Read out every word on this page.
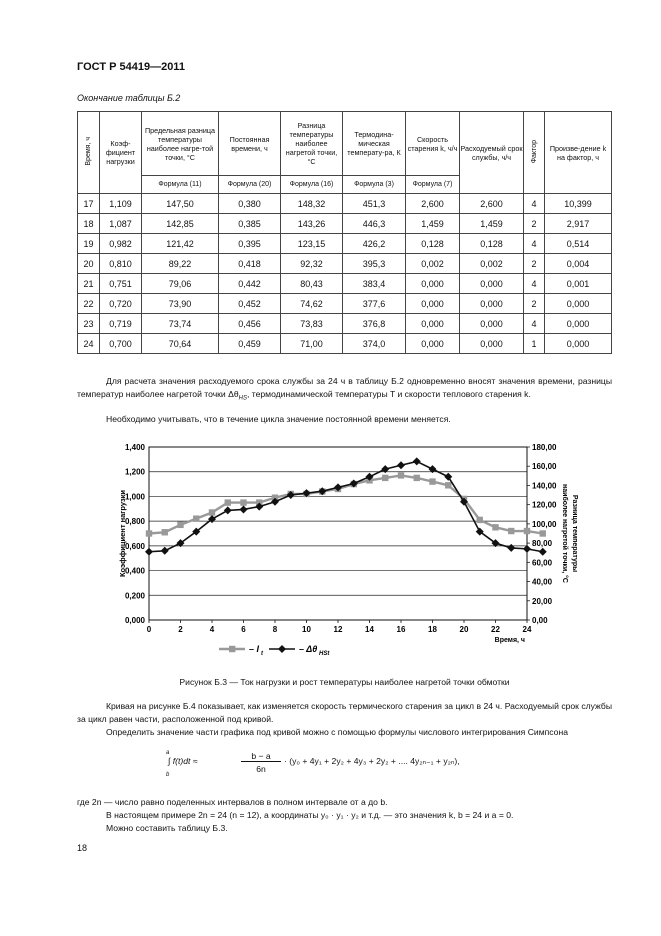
ГОСТ Р 54419—2011
Окончание таблицы Б.2
Время, ч	Коэф-фициент нагрузки	Предельная разница температуры наиболее нагре-той точки, °С	Постоянная времени, ч	Разница температуры наиболее нагретой точки, °С	Термодина-мическая температу-ра, К	Скорость старения k, ч/ч	Расходуемый срок службы, ч/ч	Фактор	Произве-дение k на фактор, ч
		Формула (11)	Формула (20)	Формула (16)	Формула (3)	Формула (7)			
17	1,109	147,50	0,380	148,32	451,3	2,600	2,600	4	10,399
18	1,087	142,85	0,385	143,26	446,3	1,459	1,459	2	2,917
19	0,982	121,42	0,395	123,15	426,2	0,128	0,128	4	0,514
20	0,810	89,22	0,418	92,32	395,3	0,002	0,002	2	0,004
21	0,751	79,06	0,442	80,43	383,4	0,000	0,000	4	0,001
22	0,720	73,90	0,452	74,62	377,6	0,000	0,000	2	0,000
23	0,719	73,74	0,456	73,83	376,8	0,000	0,000	4	0,000
24	0,700	70,64	0,459	71,00	374,0	0,000	0,000	1	0,000
Для расчета значения расходуемого срока службы за 24 ч в таблицу Б.2 одновременно вносят значения времени, разницы температур наиболее нагретой точки $\Delta\theta_{HS}$, термодинамической температуры T и скорости теплового старения k.
Необходимо учитывать, что в течение цикла значение постоянной времени меняется.
0,000
0,200
0,400
0,600
0,800
1,000
1,200
1,400
0,00
20,00
40,00
60,00
80,00
100,00
120,00
140,00
160,00
180,00
0	2	4	6	8	10	12	14	16	18	20	22	24
Время, ч
Коэффициент нагрузки	Разница температуры
наиболее нагретой точки, °С
– I t	– Δθ HSt
Рисунок Б.3 — Ток нагрузки и рост температуры наиболее нагретой точки обмотки
Кривая на рисунке Б.4 показывает, как изменяется скорость термического старения за цикл в 24 ч. Расходуемый срок службы за цикл равен части, расположенной под кривой.
Определить значение части графика под кривой можно с помощью формулы числового интегрирования Симпсона
a
b
∫ f(t)dt ≈	b − a
6n
· (y₀ + 4y₁ + 2y₂ + 4y₃ + 2y₂ + .... 4y₂ₙ₋₁ + y₂ₙ),
где 2n — число равно поделенных интервалов в полном интервале от a до b.
В настоящем примере 2n = 24 (n = 12), а координаты y₀ · y₁ · y₂ и т.д. — это значения k, b = 24 и a = 0.
Можно составить таблицу Б.3.
18
